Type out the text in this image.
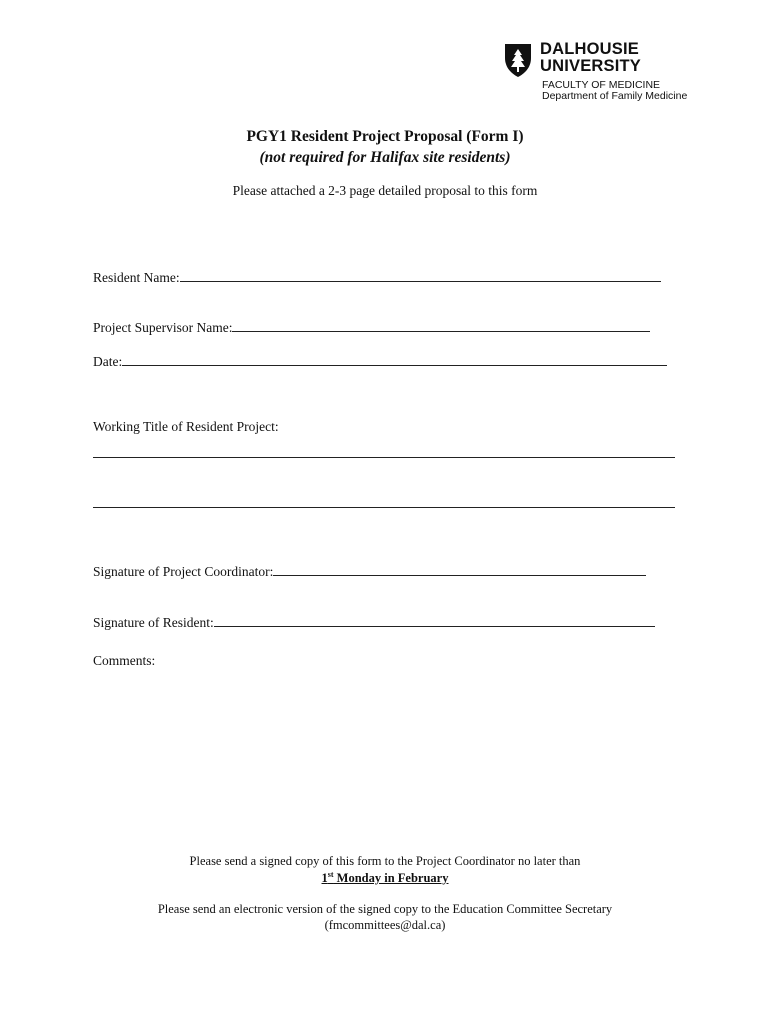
DALHOUSIE
UNIVERSITY
FACULTY OF MEDICINE
Department of Family Medicine
PGY1 Resident Project Proposal (Form I)
(not required for Halifax site residents)
Please attached a 2-3 page detailed proposal to this form
Resident Name:
Project Supervisor Name:
Date:
Working Title of Resident Project:
Signature of Project Coordinator:
Signature of Resident:
Comments:
Please send a signed copy of this form to the Project Coordinator no later than
1st Monday in February
Please send an electronic version of the signed copy to the Education Committee Secretary
(fmcommittees@dal.ca)
